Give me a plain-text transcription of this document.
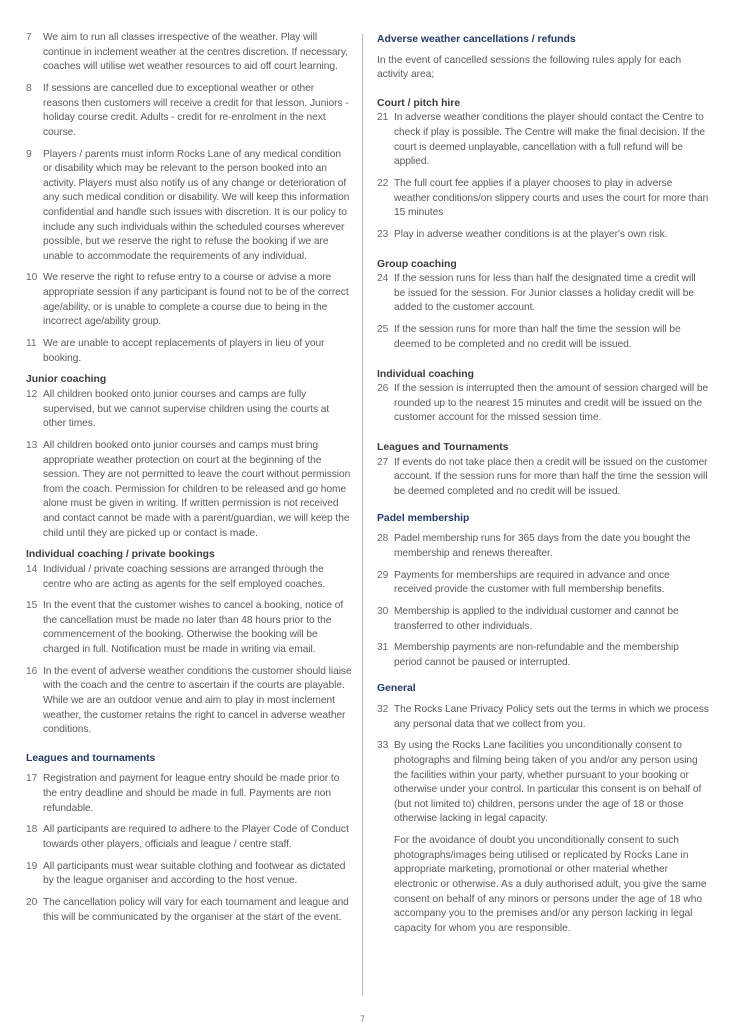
7	We aim to run all classes irrespective of the weather. Play will continue in inclement weather at the centres discretion. If necessary, coaches will utilise wet weather resources to aid off court learning.
8	If sessions are cancelled due to exceptional weather or other reasons then customers will receive a credit for that lesson. Juniors - holiday course credit. Adults - credit for re-enrolment in the next course.
9	Players / parents must inform Rocks Lane of any medical condition or disability which may be relevant to the person booked into an activity. Players must also notify us of any change or deterioration of any such medical condition or disability. We will keep this information confidential and handle such issues with discretion. It is our policy to include any such individuals within the scheduled courses wherever possible, but we reserve the right to refuse the booking if we are unable to accommodate the requirements of any individual.
10 We reserve the right to refuse entry to a course or advise a more appropriate session if any participant is found not to be of the correct age/ability, or is unable to complete a course due to being in the incorrect age/ability group.
11 We are unable to accept replacements of players in lieu of your booking.
Junior coaching
12 All children booked onto junior courses and camps are fully supervised, but we cannot supervise children using the courts at other times.
13 All children booked onto junior courses and camps must bring appropriate weather protection on court at the beginning of the session. They are not permitted to leave the court without permission from the coach. Permission for children to be released and go home alone must be given in writing. If written permission is not received and contact cannot be made with a parent/guardian, we will keep the child until they are picked up or contact is made.
Individual coaching / private bookings
14 Individual / private coaching sessions are arranged through the centre who are acting as agents for the self employed coaches.
15 In the event that the customer wishes to cancel a booking, notice of the cancellation must be made no later than 48 hours prior to the commencement of the booking. Otherwise the booking will be charged in full. Notification must be made in writing via email.
16 In the event of adverse weather conditions the customer should liaise with the coach and the centre to ascertain if the courts are playable. While we are an outdoor venue and aim to play in most inclement weather, the customer retains the right to cancel in adverse weather conditions.
Leagues and tournaments
17 Registration and payment for league entry should be made prior to the entry deadline and should be made in full. Payments are non refundable.
18 All participants are required to adhere to the Player Code of Conduct towards other players, officials and league / centre staff.
19 All participants must wear suitable clothing and footwear as dictated by the league organiser and according to the host venue.
20 The cancellation policy will vary for each tournament and league and this will be communicated by the organiser at the start of the event.
Adverse weather cancellations / refunds
In the event of cancelled sessions the following rules apply for each activity area;
Court / pitch hire
21 In adverse weather conditions the player should contact the Centre to check if play is possible. The Centre will make the final decision. If the court is deemed unplayable, cancellation with a full refund will be applied.
22 The full court fee applies if a player chooses to play in adverse weather conditions/on slippery courts and uses the court for more than 15 minutes
23 Play in adverse weather conditions is at the player's own risk.
Group coaching
24 If the session runs for less than half the designated time a credit will be issued for the session. For Junior classes a holiday credit will be added to the customer account.
25 If the session runs for more than half the time the session will be deemed to be completed and no credit will be issued.
Individual coaching
26 If the session is interrupted then the amount of session charged will be rounded up to the nearest 15 minutes and credit will be issued on the customer account for the missed session time.
Leagues and Tournaments
27 If events do not take place then a credit will be issued on the customer account. If the session runs for more than half the time the session will be deemed completed and no credit will be issued.
Padel membership
28 Padel membership runs for 365 days from the date you bought the membership and renews thereafter.
29 Payments for memberships are required in advance and once received provide the customer with full membership benefits.
30 Membership is applied to the individual customer and cannot be transferred to other individuals.
31 Membership payments are non-refundable and the membership period cannot be paused or interrupted.
General
32 The Rocks Lane Privacy Policy sets out the terms in which we process any personal data that we collect from you.
33 By using the Rocks Lane facilities you unconditionally consent to photographs and filming being taken of you and/or any person using the facilities within your party, whether pursuant to your booking or otherwise under your control. In particular this consent is on behalf of (but not limited to) children, persons under the age of 18 or those otherwise lacking in legal capacity.
For the avoidance of doubt you unconditionally consent to such photographs/images being utilised or replicated by Rocks Lane in appropriate marketing, promotional or other material whether electronic or otherwise. As a duly authorised adult, you give the same consent on behalf of any minors or persons under the age of 18 who accompany you to the premises and/or any person lacking in legal capacity for whom you are responsible.
7
